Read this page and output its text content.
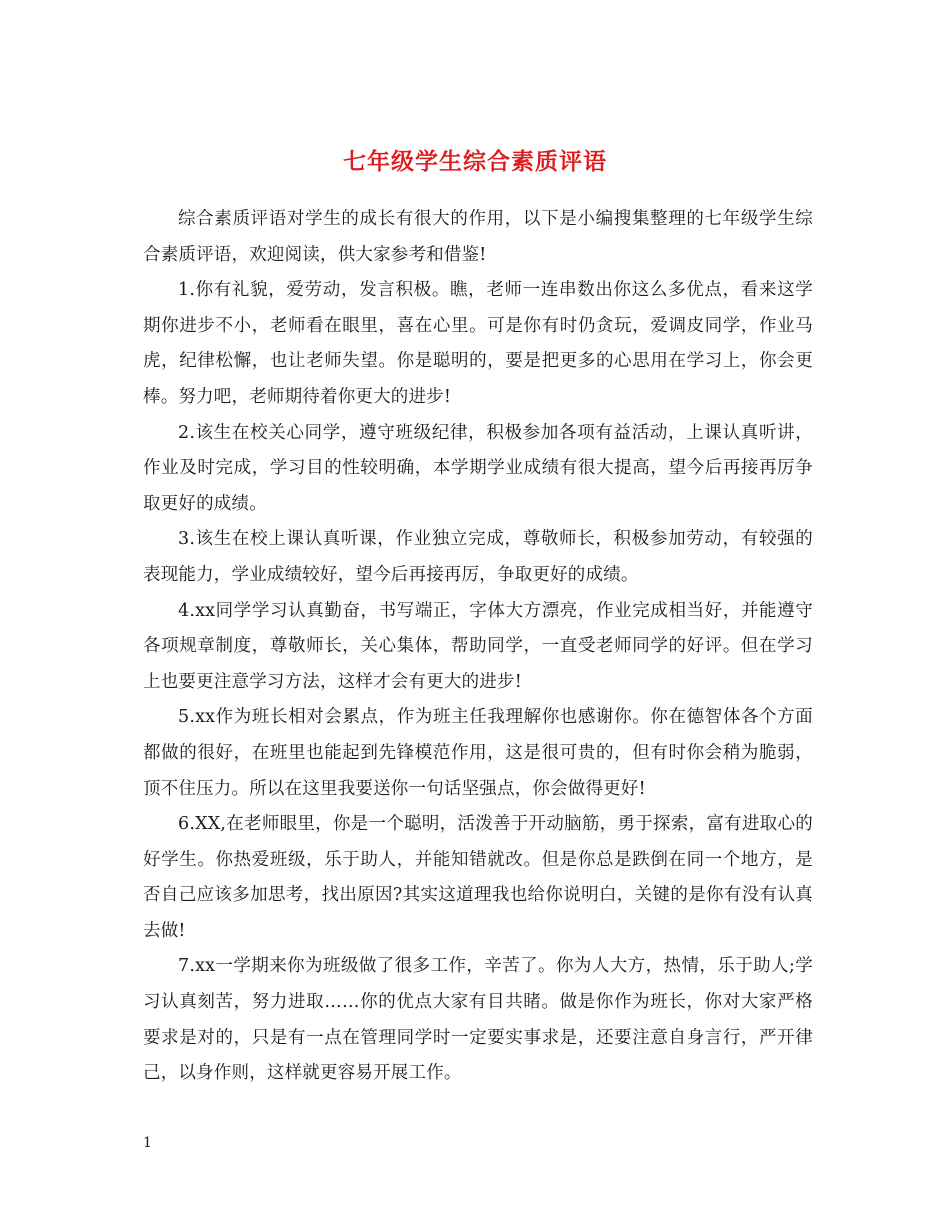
七年级学生综合素质评语

综合素质评语对学生的成长有很大的作用，以下是小编搜集整理的七年级学生综合素质评语，欢迎阅读，供大家参考和借鉴!

1.你有礼貌，爱劳动，发言积极。瞧，老师一连串数出你这么多优点，看来这学期你进步不小，老师看在眼里，喜在心里。可是你有时仍贪玩，爱调皮同学，作业马虎，纪律松懈，也让老师失望。你是聪明的，要是把更多的心思用在学习上，你会更棒。努力吧，老师期待着你更大的进步!

2.该生在校关心同学，遵守班级纪律，积极参加各项有益活动，上课认真听讲，作业及时完成，学习目的性较明确，本学期学业成绩有很大提高，望今后再接再厉争取更好的成绩。

3.该生在校上课认真听课，作业独立完成，尊敬师长，积极参加劳动，有较强的表现能力，学业成绩较好，望今后再接再厉，争取更好的成绩。

4.xx同学学习认真勤奋，书写端正，字体大方漂亮，作业完成相当好，并能遵守各项规章制度，尊敬师长，关心集体，帮助同学，一直受老师同学的好评。但在学习上也要更注意学习方法，这样才会有更大的进步!

5.xx作为班长相对会累点，作为班主任我理解你也感谢你。你在德智体各个方面都做的很好，在班里也能起到先锋模范作用，这是很可贵的，但有时你会稍为脆弱，顶不住压力。所以在这里我要送你一句话坚强点，你会做得更好!

6.XX,在老师眼里，你是一个聪明，活泼善于开动脑筋，勇于探索，富有进取心的好学生。你热爱班级，乐于助人，并能知错就改。但是你总是跌倒在同一个地方，是否自己应该多加思考，找出原因?其实这道理我也给你说明白，关键的是你有没有认真去做!

7.xx一学期来你为班级做了很多工作，辛苦了。你为人大方，热情，乐于助人;学习认真刻苦，努力进取……你的优点大家有目共睹。做是你作为班长，你对大家严格要求是对的，只是有一点在管理同学时一定要实事求是，还要注意自身言行，严开律己，以身作则，这样就更容易开展工作。

1
